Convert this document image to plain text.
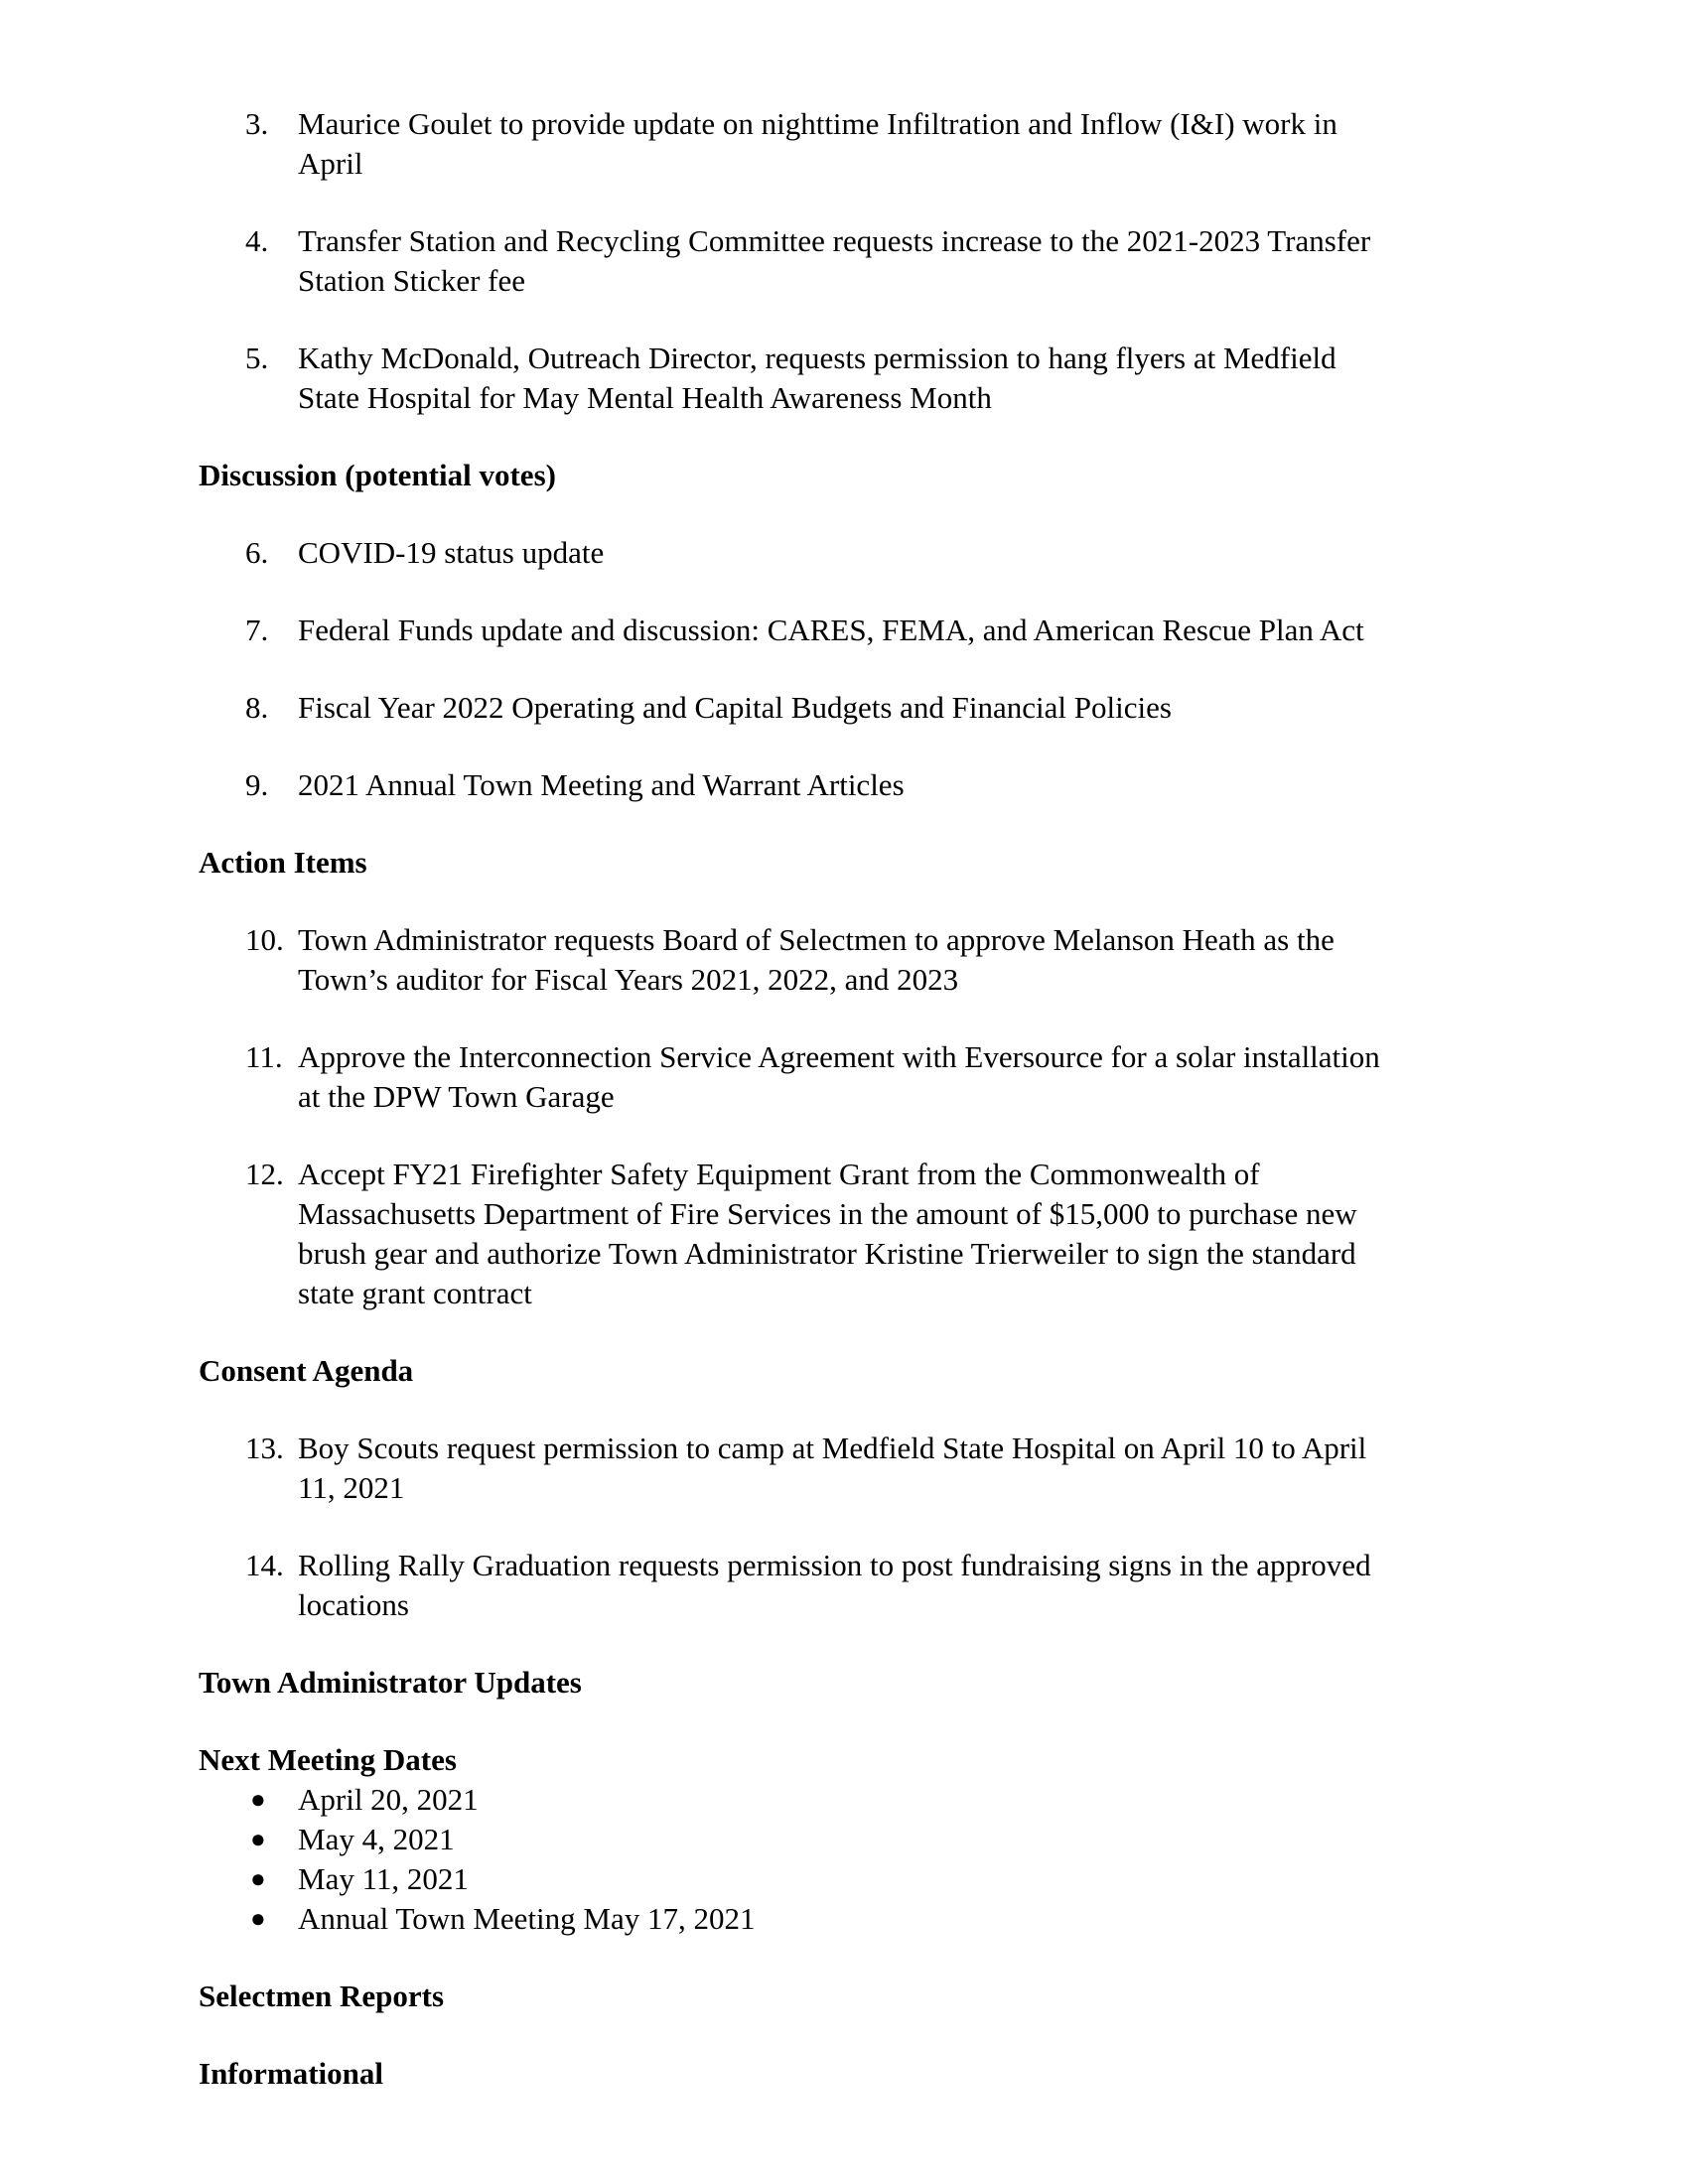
3. Maurice Goulet to provide update on nighttime Infiltration and Inflow (I&I) work in
April
4. Transfer Station and Recycling Committee requests increase to the 2021-2023 Transfer
Station Sticker fee
5. Kathy McDonald, Outreach Director, requests permission to hang flyers at Medfield
State Hospital for May Mental Health Awareness Month
Discussion (potential votes)
6. COVID-19 status update
7. Federal Funds update and discussion: CARES, FEMA, and American Rescue Plan Act
8. Fiscal Year 2022 Operating and Capital Budgets and Financial Policies
9. 2021 Annual Town Meeting and Warrant Articles
Action Items
10. Town Administrator requests Board of Selectmen to approve Melanson Heath as the
Town’s auditor for Fiscal Years 2021, 2022, and 2023
11. Approve the Interconnection Service Agreement with Eversource for a solar installation
at the DPW Town Garage
12. Accept FY21 Firefighter Safety Equipment Grant from the Commonwealth of
Massachusetts Department of Fire Services in the amount of $15,000 to purchase new
brush gear and authorize Town Administrator Kristine Trierweiler to sign the standard
state grant contract
Consent Agenda
13. Boy Scouts request permission to camp at Medfield State Hospital on April 10 to April
11, 2021
14. Rolling Rally Graduation requests permission to post fundraising signs in the approved
locations
Town Administrator Updates
Next Meeting Dates
● April 20, 2021
● May 4, 2021
● May 11, 2021
● Annual Town Meeting May 17, 2021
Selectmen Reports
Informational
